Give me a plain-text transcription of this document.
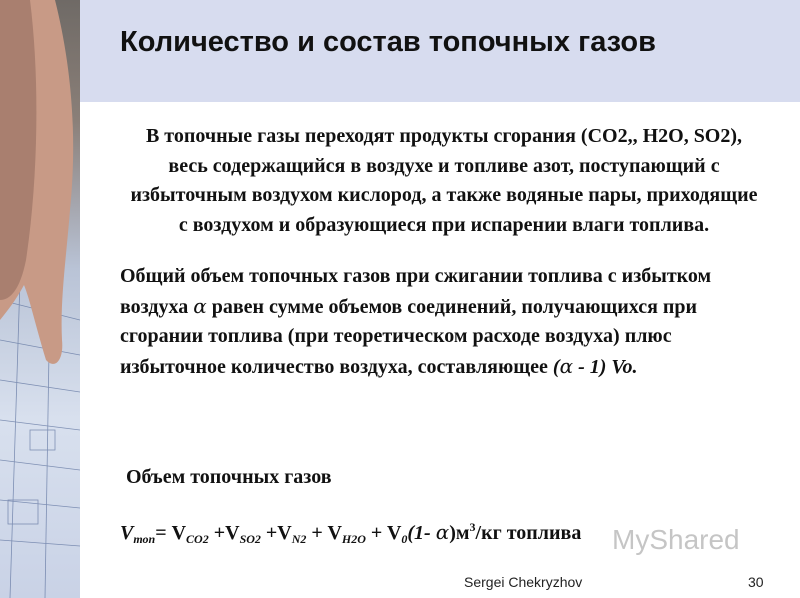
Количество и состав топочных газов
В топочные газы переходят продукты сгорания (CO2,, H2O, SO2), весь содержащийся в воздухе и топливе азот, поступающий с избыточным воздухом кислород, а также водяные пары, приходящие с воздухом и образующиеся при испарении влаги топлива.
Общий объем топочных газов при сжигании топлива с избытком воздуха α равен сумме объемов соединений, получающихся при сгорании топлива (при теоретическом расходе воздуха) плюс избыточное количество воздуха, составляющее (α - 1) Vo.
Объем топочных газов
$V_{топ}= V_{CO2} +V_{SO2} +V_{N2} + V_{H2O} + V_0(1-$ $\alpha)м^3/кг$ топлива MyShared
Sergei Chekryzhov	30
